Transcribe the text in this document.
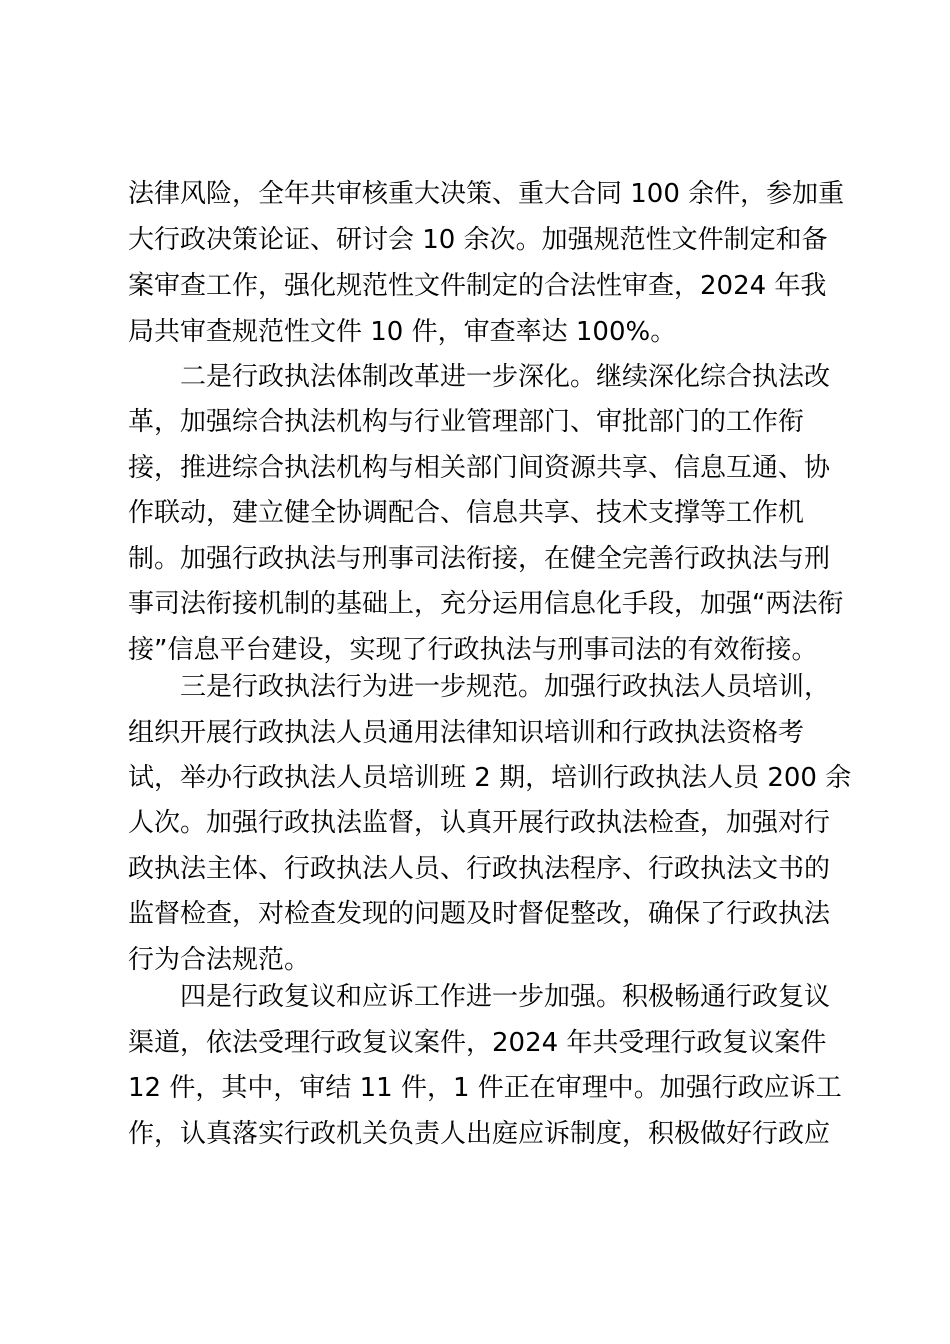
法律风险，全年共审核重大决策、重大合同 100 余件，参加重
大行政决策论证、研讨会 10 余次。加强规范性文件制定和备
案审查工作，强化规范性文件制定的合法性审查，2024 年我
局共审查规范性文件 10 件，审查率达 100%。
二是行政执法体制改革进一步深化。继续深化综合执法改
革，加强综合执法机构与行业管理部门、审批部门的工作衔
接，推进综合执法机构与相关部门间资源共享、信息互通、协
作联动，建立健全协调配合、信息共享、技术支撑等工作机
制。加强行政执法与刑事司法衔接，在健全完善行政执法与刑
事司法衔接机制的基础上，充分运用信息化手段，加强“两法衔
接”信息平台建设，实现了行政执法与刑事司法的有效衔接。
三是行政执法行为进一步规范。加强行政执法人员培训，
组织开展行政执法人员通用法律知识培训和行政执法资格考
试，举办行政执法人员培训班 2 期，培训行政执法人员 200 余
人次。加强行政执法监督，认真开展行政执法检查，加强对行
政执法主体、行政执法人员、行政执法程序、行政执法文书的
监督检查，对检查发现的问题及时督促整改，确保了行政执法
行为合法规范。
四是行政复议和应诉工作进一步加强。积极畅通行政复议
渠道，依法受理行政复议案件，2024 年共受理行政复议案件
12 件，其中，审结 11 件，1 件正在审理中。加强行政应诉工
作，认真落实行政机关负责人出庭应诉制度，积极做好行政应
